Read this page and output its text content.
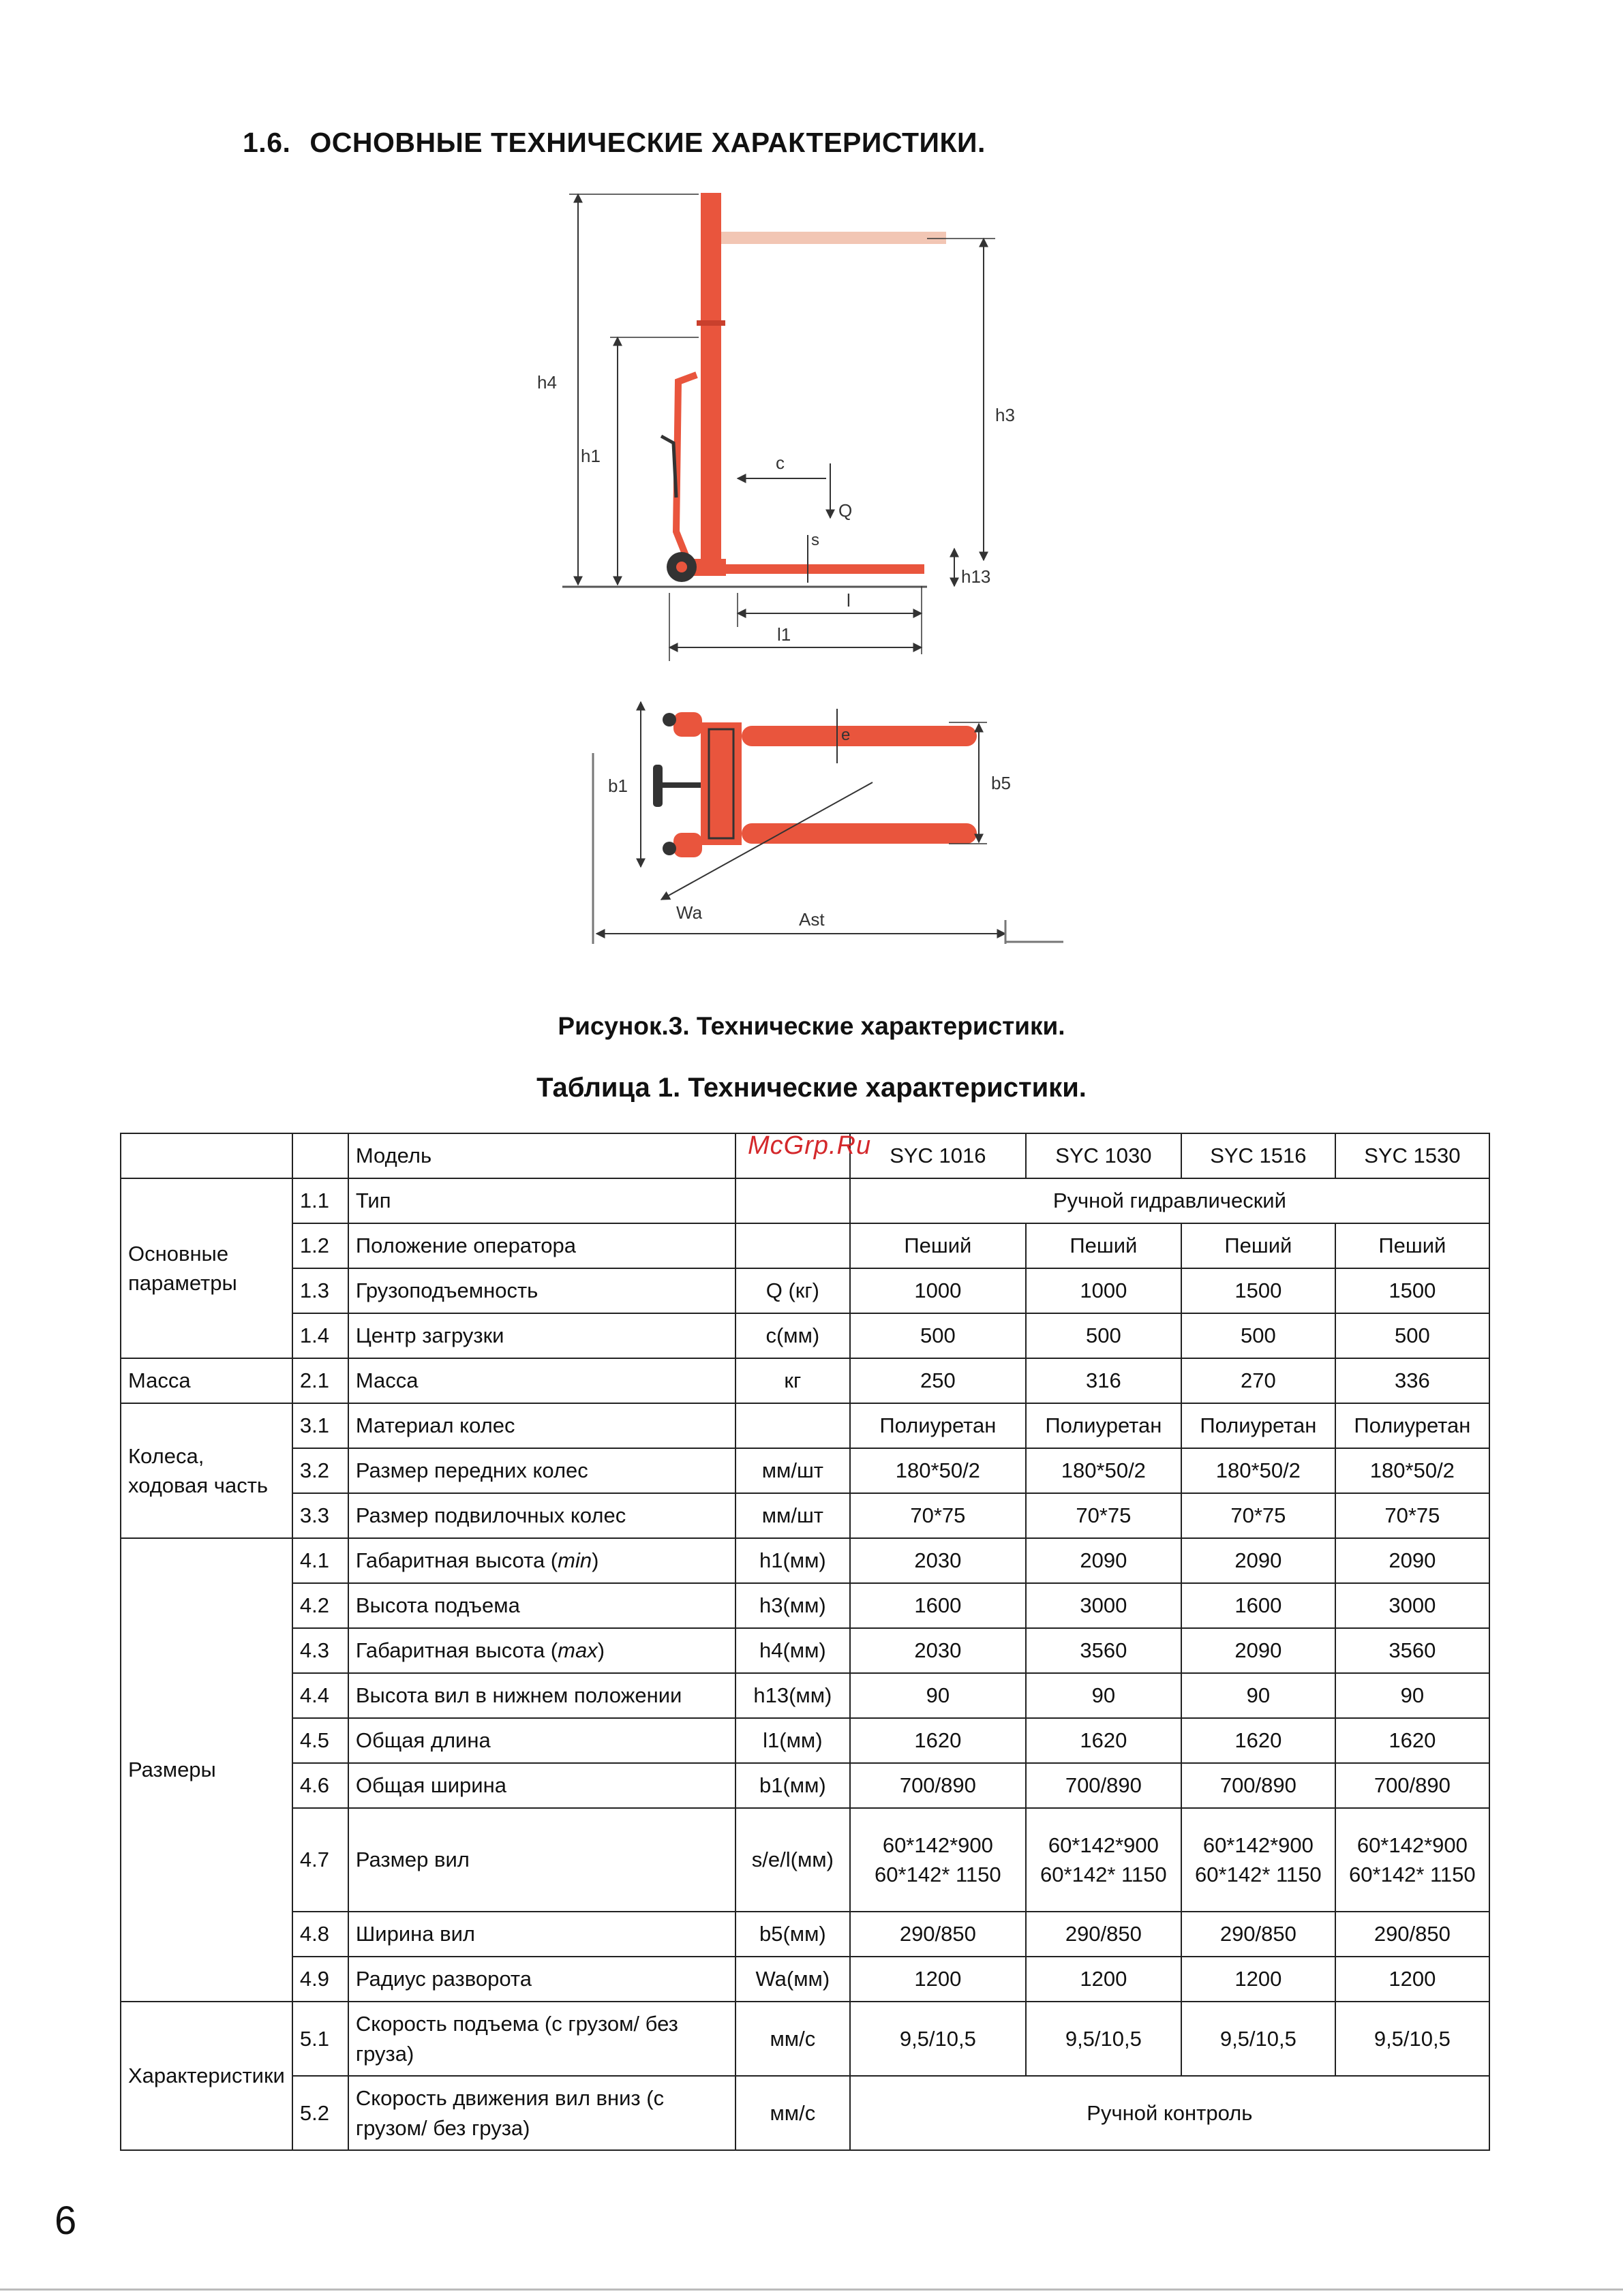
1.6. ОСНОВНЫЕ ТЕХНИЧЕСКИЕ ХАРАКТЕРИСТИКИ.
h4
h1
h3
c
Q
s
h13
l
l1
b1
e
b5
Wa	Ast
Рисунок.3. Технические характеристики.
Таблица 1. Технические характеристики.
		Модель		SYC 1016	SYC 1030	SYC 1516	SYC 1530
Основные параметры	1.1	Тип		Ручной гидравлический			
	1.2	Положение оператора		Пеший	Пеший	Пеший	Пеший
	1.3	Грузоподъемность	Q (кг)	1000	1000	1500	1500
	1.4	Центр загрузки	c(мм)	500	500	500	500
Масса	2.1	Масса	кг	250	316	270	336
Колеса, ходовая часть	3.1	Материал колес		Полиуретан	Полиуретан	Полиуретан	Полиуретан
	3.2	Размер передних колес	мм/шт	180*50/2	180*50/2	180*50/2	180*50/2
	3.3	Размер подвилочных колес	мм/шт	70*75	70*75	70*75	70*75
Размеры	4.1	Габаритная высота (min)	h1(мм)	2030	2090	2090	2090
	4.2	Высота подъема	h3(мм)	1600	3000	1600	3000
	4.3	Габаритная высота (max)	h4(мм)	2030	3560	2090	3560
	4.4	Высота вил в нижнем положении	h13(мм)	90	90	90	90
	4.5	Общая длина	l1(мм)	1620	1620	1620	1620
	4.6	Общая ширина	b1(мм)	700/890	700/890	700/890	700/890
	4.7	Размер вил	s/e/l(мм)	60*142*900 60*142* 1150	60*142*900 60*142* 1150	60*142*900 60*142* 1150	60*142*900 60*142* 1150
	4.8	Ширина вил	b5(мм)	290/850	290/850	290/850	290/850
	4.9	Радиус разворота	Wa(мм)	1200	1200	1200	1200
Характеристики	5.1	Скорость подъема (с грузом/ без груза)	мм/с	9,5/10,5	9,5/10,5	9,5/10,5	9,5/10,5
	5.2	Скорость движения вил вниз (с грузом/ без груза)	мм/с	Ручной контроль			
McGrp.Ru
6
